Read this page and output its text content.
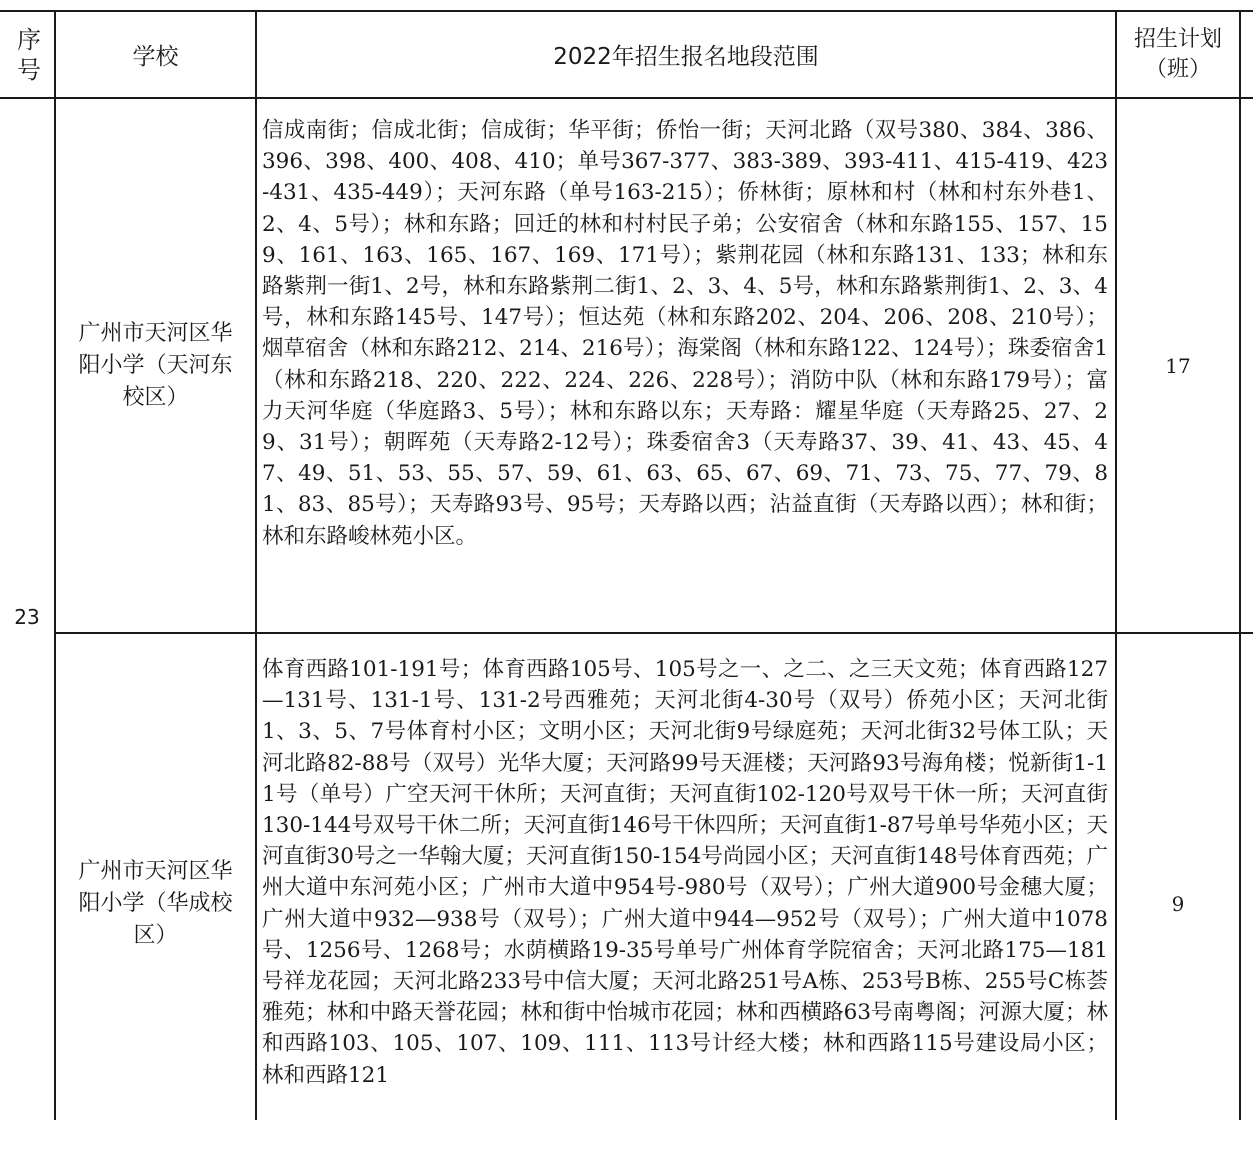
序号	学校	2022年招生报名地段范围
招生计划
（班）
23
广州市天河区华阳小学（天河东校区）
信成南街；信成北街；信成街；华平街；侨怡一街；天河北路（双号380、384、386、396、398、400、408、410；单号367-377、383-389、393-411、415-419、423-431、435-449）；天河东路（单号163-215）；侨林街；原林和村（林和村东外巷1、2、4、5号）；林和东路；回迁的林和村村民子弟；公安宿舍（林和东路155、157、159、161、163、165、167、169、171号）；紫荆花园（林和东路131、133；林和东路紫荆一街1、2号，林和东路紫荆二街1、2、3、4、5号，林和东路紫荆街1、2、3、4号，林和东路145号、147号）；恒达苑（林和东路202、204、206、208、210号）；烟草宿舍（林和东路212、214、216号）；海棠阁（林和东路122、124号）；珠委宿舍1（林和东路218、220、222、224、226、228号）；消防中队（林和东路179号）；富力天河华庭（华庭路3、5号）；林和东路以东；天寿路：耀星华庭（天寿路25、27、29、31号）；朝晖苑（天寿路2-12号）；珠委宿舍3（天寿路37、39、41、43、45、47、49、51、53、55、57、59、61、63、65、67、69、71、73、75、77、79、81、83、85号）；天寿路93号、95号；天寿路以西；沾益直街（天寿路以西）；林和街；林和东路峻林苑小区。
17
广州市天河区华阳小学（华成校区）
体育西路101-191号；体育西路105号、105号之一、之二、之三天文苑；体育西路127—131号、131-1号、131-2号西雅苑；天河北街4-30号（双号）侨苑小区；天河北街1、3、5、7号体育村小区；文明小区；天河北街9号绿庭苑；天河北街32号体工队；天河北路82-88号（双号）光华大厦；天河路99号天涯楼；天河路93号海角楼；悦新街1-11号（单号）广空天河干休所；天河直街；天河直街102-120号双号干休一所；天河直街130-144号双号干休二所；天河直街146号干休四所；天河直街1-87号单号华苑小区；天河直街30号之一华翰大厦；天河直街150-154号尚园小区；天河直街148号体育西苑；广州大道中东河苑小区；广州市大道中954号-980号（双号）；广州大道900号金穗大厦；广州大道中932—938号（双号）；广州大道中944—952号（双号）；广州大道中1078号、1256号、1268号；水荫横路19-35号单号广州体育学院宿舍；天河北路175—181号祥龙花园；天河北路233号中信大厦；天河北路251号A栋、253号B栋、255号C栋荟雅苑；林和中路天誉花园；林和街中怡城市花园；林和西横路63号南粤阁；河源大厦；林和西路103、105、107、109、111、113号计经大楼；林和西路115号建设局小区；林和西路121
9
